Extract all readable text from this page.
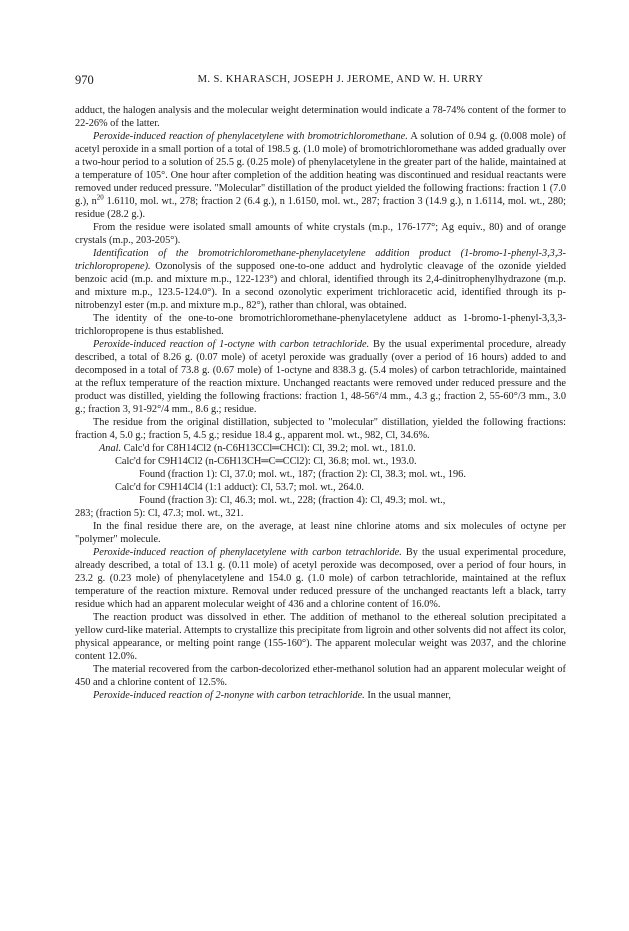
970	M. S. KHARASCH, JOSEPH J. JEROME, AND W. H. URRY

adduct, the halogen analysis and the molecular weight determination would indicate a 78-74% content of the former to 22-26% of the latter.

Peroxide-induced reaction of phenylacetylene with bromotrichloromethane. A solution of 0.94 g. (0.008 mole) of acetyl peroxide in a small portion of a total of 198.5 g. (1.0 mole) of bromotrichloromethane was added gradually over a two-hour period to a solution of 25.5 g. (0.25 mole) of phenylacetylene in the greater part of the halide, maintained at a temperature of 105°. One hour after completion of the addition heating was discontinued and residual reactants were removed under reduced pressure. "Molecular" distillation of the product yielded the following fractions: fraction 1 (7.0 g.), $n^{20}$ 1.6110, mol. wt., 278; fraction 2 (6.4 g.), n 1.6150, mol. wt., 287; fraction 3 (14.9 g.), n 1.6114, mol. wt., 280; residue (28.2 g.).

From the residue were isolated small amounts of white crystals (m.p., 176-177°; Ag equiv., 80) and of orange crystals (m.p., 203-205°).

Identification of the bromotrichloromethane-phenylacetylene addition product (1-bromo-1-phenyl-3,3,3-trichloropropene). Ozonolysis of the supposed one-to-one adduct and hydrolytic cleavage of the ozonide yielded benzoic acid (m.p. and mixture m.p., 122-123°) and chloral, identified through its 2,4-dinitrophenylhydrazone (m.p. and mixture m.p., 123.5-124.0°). In a second ozonolytic experiment trichloracetic acid, identified through its p-nitrobenzyl ester (m.p. and mixture m.p., 82°), rather than chloral, was obtained.

The identity of the one-to-one bromotrichloromethane-phenylacetylene adduct as 1-bromo-1-phenyl-3,3,3-trichloropropene is thus established.

Peroxide-induced reaction of 1-octyne with carbon tetrachloride. By the usual experimental procedure, already described, a total of 8.26 g. (0.07 mole) of acetyl peroxide was gradually (over a period of 16 hours) added to and decomposed in a total of 73.8 g. (0.67 mole) of 1-octyne and 838.3 g. (5.4 moles) of carbon tetrachloride, maintained at the reflux temperature of the reaction mixture. Unchanged reactants were removed under reduced pressure and the product was distilled, yielding the following fractions: fraction 1, 48-56°/4 mm., 4.3 g.; fraction 2, 55-60°/3 mm., 3.0 g.; fraction 3, 91-92°/4 mm., 8.6 g.; residue.

The residue from the original distillation, subjected to "molecular" distillation, yielded the following fractions: fraction 4, 5.0 g.; fraction 5, 4.5 g.; residue 18.4 g., apparent mol. wt., 982, Cl, 34.6%.

Anal. Calc'd for C8H14Cl2 (n-C6H13CCl═CHCl): Cl, 39.2; mol. wt., 181.0.
Calc'd for C9H14Cl2 (n-C6H13CH═C═CCl2): Cl, 36.8; mol. wt., 193.0.
Found (fraction 1): Cl, 37.0; mol. wt., 187; (fraction 2): Cl, 38.3; mol. wt., 196.
Calc'd for C9H14Cl4 (1:1 adduct): Cl, 53.7; mol. wt., 264.0.
Found (fraction 3): Cl, 46.3; mol. wt., 228; (fraction 4): Cl, 49.3; mol. wt.,

283; (fraction 5): Cl, 47.3; mol. wt., 321.

In the final residue there are, on the average, at least nine chlorine atoms and six molecules of octyne per "polymer" molecule.

Peroxide-induced reaction of phenylacetylene with carbon tetrachloride. By the usual experimental procedure, already described, a total of 13.1 g. (0.11 mole) of acetyl peroxide was decomposed, over a period of four hours, in 23.2 g. (0.23 mole) of phenylacetylene and 154.0 g. (1.0 mole) of carbon tetrachloride, maintained at the reflux temperature of the reaction mixture. Removal under reduced pressure of the unchanged reactants left a black, tarry residue which had an apparent molecular weight of 436 and a chlorine content of 16.0%.

The reaction product was dissolved in ether. The addition of methanol to the ethereal solution precipitated a yellow curd-like material. Attempts to crystallize this precipitate from ligroin and other solvents did not affect its color, physical appearance, or melting point range (155-160°). The apparent molecular weight was 2037, and the chlorine content 12.0%.

The material recovered from the carbon-decolorized ether-methanol solution had an apparent molecular weight of 450 and a chlorine content of 12.5%.

Peroxide-induced reaction of 2-nonyne with carbon tetrachloride. In the usual manner,
